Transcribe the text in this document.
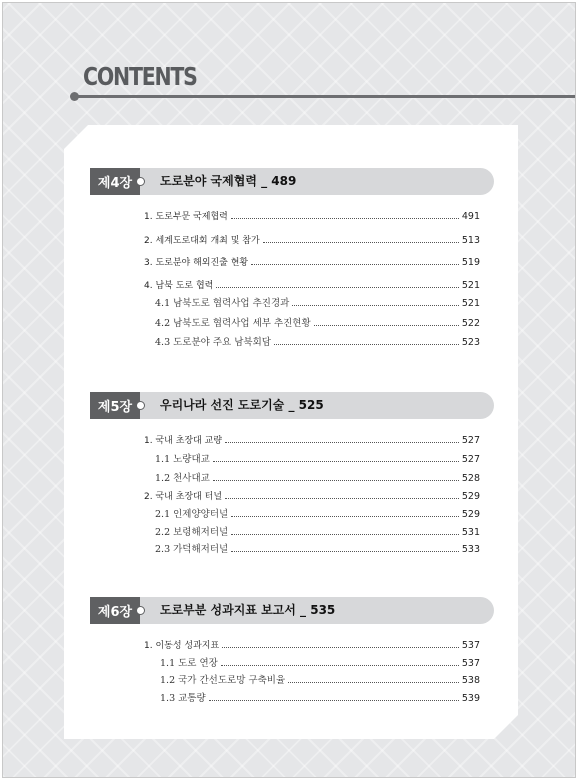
CONTENTS
제4장	도로분야 국제협력 _ 489
1. 도로부문 국제협력	491
2. 세계도로대회 개최 및 참가	513
3. 도로분야 해외진출 현황	519
4. 남북 도로 협력	521
4.1 남북도로 협력사업 추진경과	521
4.2 남북도로 협력사업 세부 추진현황	522
4.3 도로분야 주요 남북회담	523
제5장	우리나라 선진 도로기술 _ 525
1. 국내 초장대 교량	527
1.1 노량대교	527
1.2 천사대교	528
2. 국내 초장대 터널	529
2.1 인제양양터널	529
2.2 보령해저터널	531
2.3 가덕해저터널	533
제6장	도로부분 성과지표 보고서 _ 535
1. 이동성 성과지표	537
1.1 도로 연장	537
1.2 국가 간선도로망 구축비율	538
1.3 교통량	539
